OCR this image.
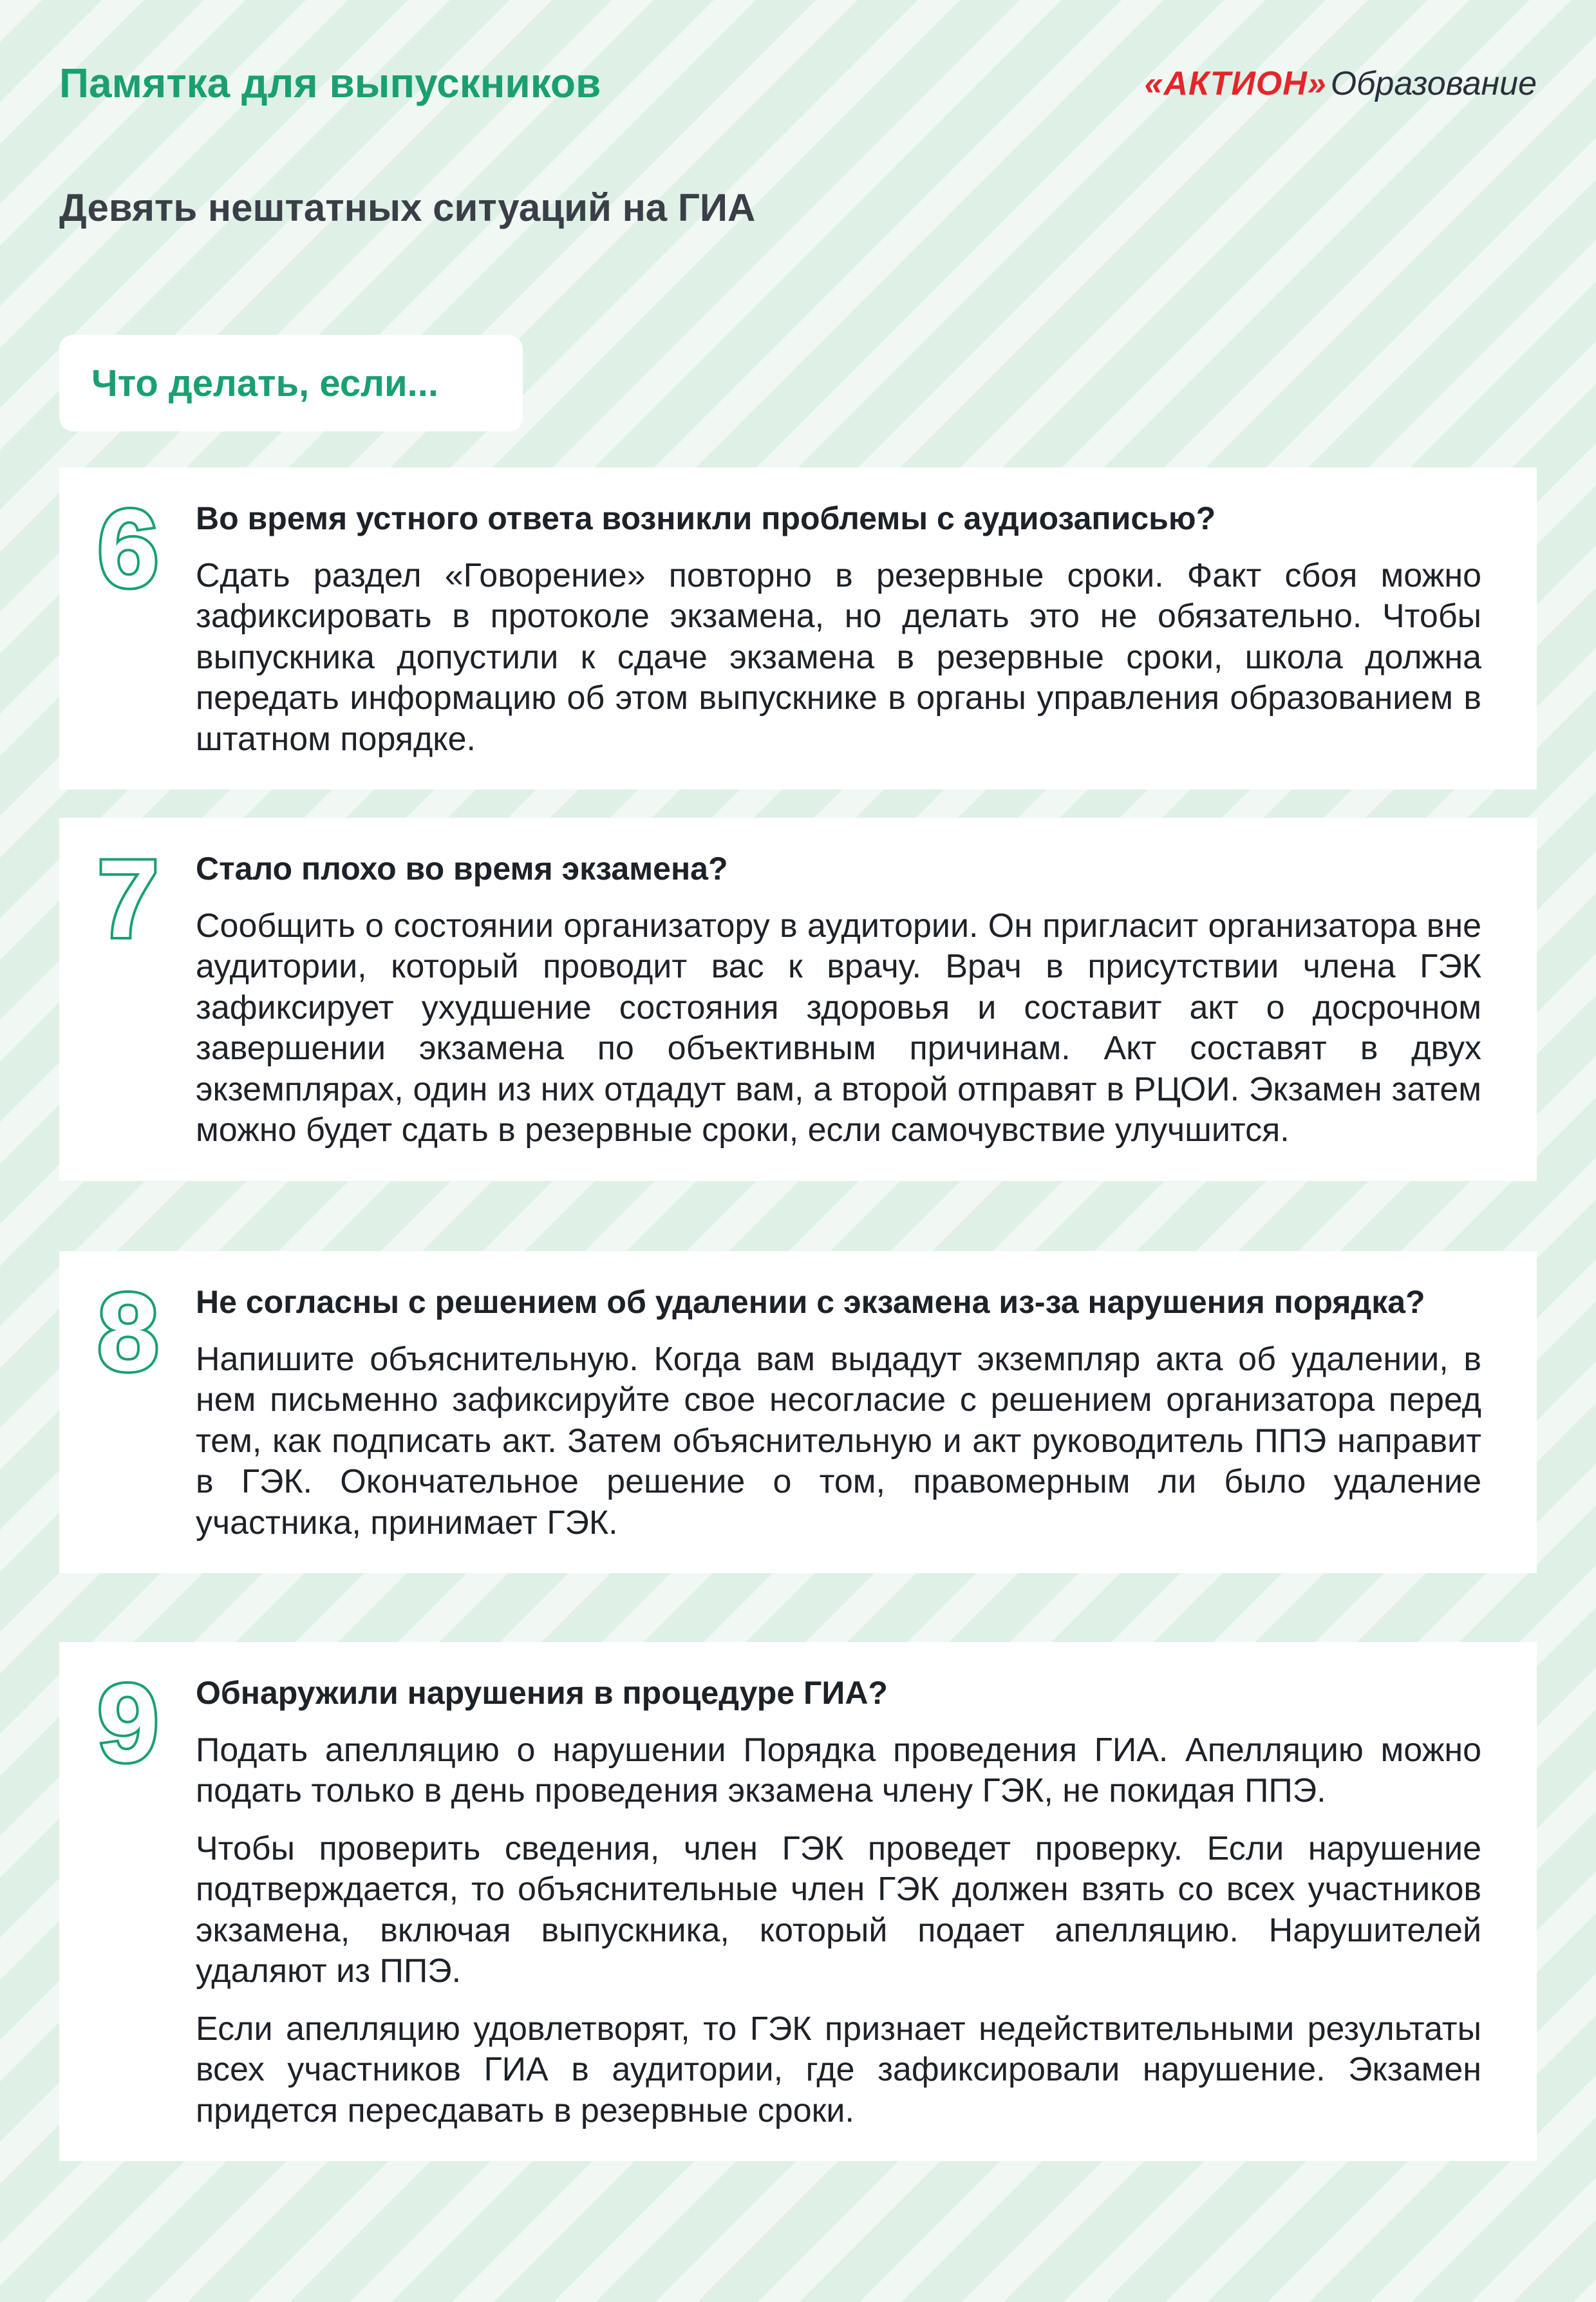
Памятка для выпускников	«АКТИОН» Образование
Девять нештатных ситуаций на ГИА
Что делать, если...
6	Во время устного ответа возникли проблемы с аудиозаписью?

Сдать раздел «Говорение» повторно в резервные сроки. Факт сбоя можно зафиксировать в протоколе экзамена, но делать это не обязательно. Чтобы выпускника допустили к сдаче экзамена в резервные сроки, школа должна передать информацию об этом выпускнике в органы управления образованием в штатном порядке.

7	Стало плохо во время экзамена?

Сообщить о состоянии организатору в аудитории. Он пригласит организатора вне аудитории, который проводит вас к врачу. Врач в присутствии члена ГЭК зафиксирует ухудшение состояния здоровья и составит акт о досрочном завершении экзамена по объективным причинам. Акт составят в двух экземплярах, один из них отдадут вам, а второй отправят в РЦОИ. Экзамен затем можно будет сдать в резервные сроки, если самочувствие улучшится.

8	Не согласны с решением об удалении с экзамена из-за нарушения порядка?

Напишите объяснительную. Когда вам выдадут экземпляр акта об удалении, в нем письменно зафиксируйте свое несогласие с решением организатора перед тем, как подписать акт. Затем объяснительную и акт руководитель ППЭ направит в ГЭК. Окончательное решение о том, правомерным ли было удаление участника, принимает ГЭК.

9	Обнаружили нарушения в процедуре ГИА?

Подать апелляцию о нарушении Порядка проведения ГИА. Апелляцию можно подать только в день проведения экзамена члену ГЭК, не покидая ППЭ.

Чтобы проверить сведения, член ГЭК проведет проверку. Если нарушение подтверждается, то объяснительные член ГЭК должен взять со всех участников экзамена, включая выпускника, который подает апелляцию. Нарушителей удаляют из ППЭ.

Если апелляцию удовлетворят, то ГЭК признает недействительными результаты всех участников ГИА в аудитории, где зафиксировали нарушение. Экзамен придется пересдавать в резервные сроки.
